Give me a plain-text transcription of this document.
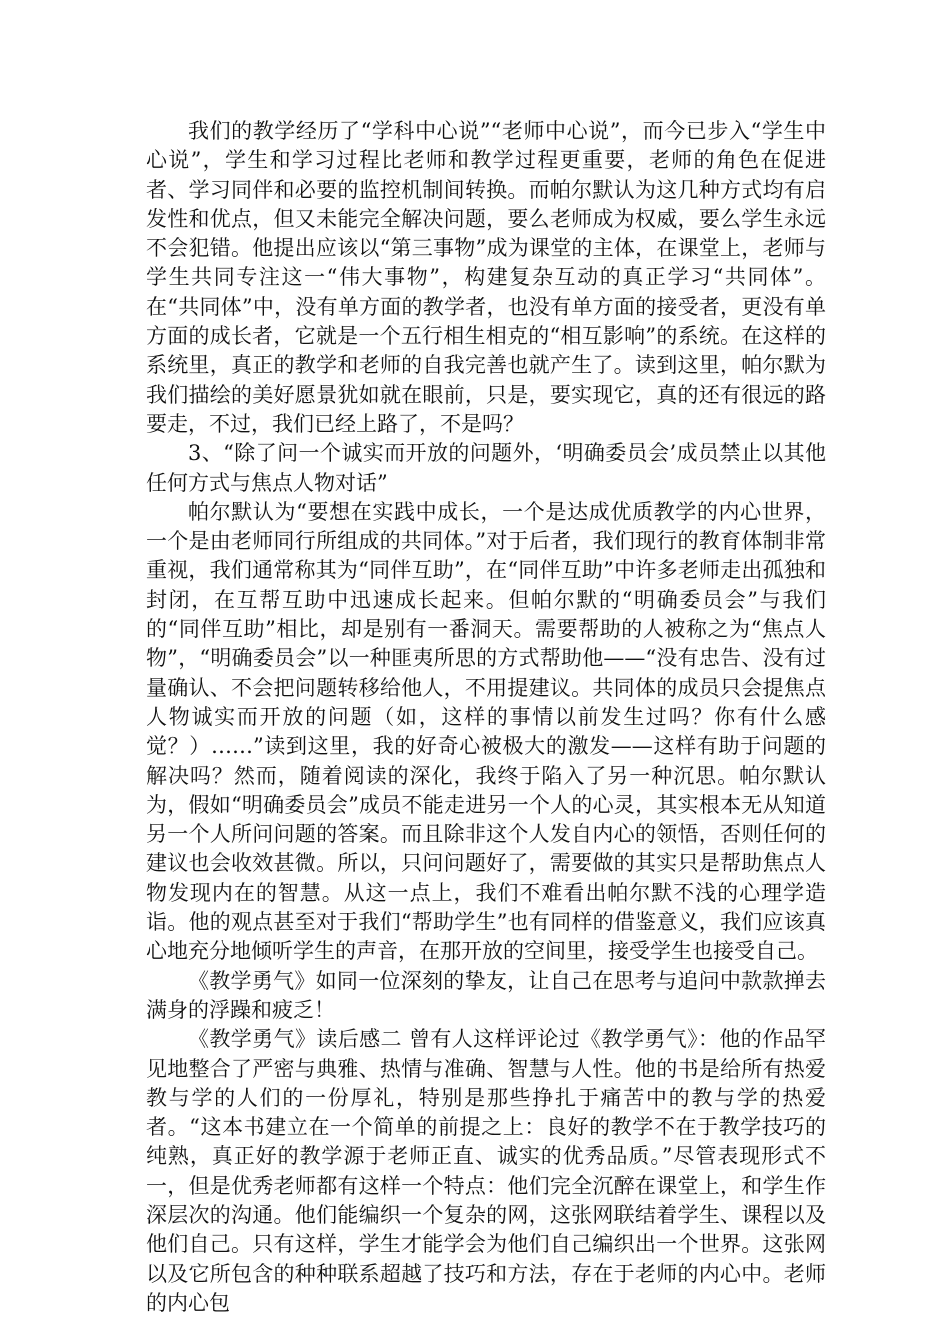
我们的教学经历了“学科中心说”“老师中心说”，而今已步入“学生中心说”，学生和学习过程比老师和教学过程更重要，老师的角色在促进者、学习同伴和必要的监控机制间转换。而帕尔默认为这几种方式均有启发性和优点，但又未能完全解决问题，要么老师成为权威，要么学生永远不会犯错。他提出应该以“第三事物”成为课堂的主体，在课堂上，老师与学生共同专注这一“伟大事物”，构建复杂互动的真正学习“共同体”。在“共同体”中，没有单方面的教学者，也没有单方面的接受者，更没有单方面的成长者，它就是一个五行相生相克的“相互影响”的系统。在这样的系统里，真正的教学和老师的自我完善也就产生了。读到这里，帕尔默为我们描绘的美好愿景犹如就在眼前，只是，要实现它，真的还有很远的路要走，不过，我们已经上路了，不是吗？

3、“除了问一个诚实而开放的问题外，‘明确委员会’成员禁止以其他任何方式与焦点人物对话”

帕尔默认为“要想在实践中成长，一个是达成优质教学的内心世界，一个是由老师同行所组成的共同体。”对于后者，我们现行的教育体制非常重视，我们通常称其为“同伴互助”，在“同伴互助”中许多老师走出孤独和封闭，在互帮互助中迅速成长起来。但帕尔默的“明确委员会”与我们的“同伴互助”相比，却是别有一番洞天。需要帮助的人被称之为“焦点人物”，“明确委员会”以一种匪夷所思的方式帮助他——“没有忠告、没有过量确认、不会把问题转移给他人，不用提建议。共同体的成员只会提焦点人物诚实而开放的问题（如，这样的事情以前发生过吗？你有什么感觉？）……”读到这里，我的好奇心被极大的激发——这样有助于问题的解决吗？然而，随着阅读的深化，我终于陷入了另一种沉思。帕尔默认为，假如“明确委员会”成员不能走进另一个人的心灵，其实根本无从知道另一个人所问问题的答案。而且除非这个人发自内心的领悟，否则任何的建议也会收效甚微。所以，只问问题好了，需要做的其实只是帮助焦点人物发现内在的智慧。从这一点上，我们不难看出帕尔默不浅的心理学造诣。他的观点甚至对于我们“帮助学生”也有同样的借鉴意义，我们应该真心地充分地倾听学生的声音，在那开放的空间里，接受学生也接受自己。

《教学勇气》如同一位深刻的挚友，让自己在思考与追问中款款掸去满身的浮躁和疲乏！

《教学勇气》读后感二 曾有人这样评论过《教学勇气》：他的作品罕见地整合了严密与典雅、热情与准确、智慧与人性。他的书是给所有热爱教与学的人们的一份厚礼，特别是那些挣扎于痛苦中的教与学的热爱者。“这本书建立在一个简单的前提之上：良好的教学不在于教学技巧的纯熟，真正好的教学源于老师正直、诚实的优秀品质。”尽管表现形式不一，但是优秀老师都有这样一个特点：他们完全沉醉在课堂上，和学生作深层次的沟通。他们能编织一个复杂的网，这张网联结着学生、课程以及他们自己。只有这样，学生才能学会为他们自己编织出一个世界。这张网以及它所包含的种种联系超越了技巧和方法，存在于老师的内心中。老师的内心包
